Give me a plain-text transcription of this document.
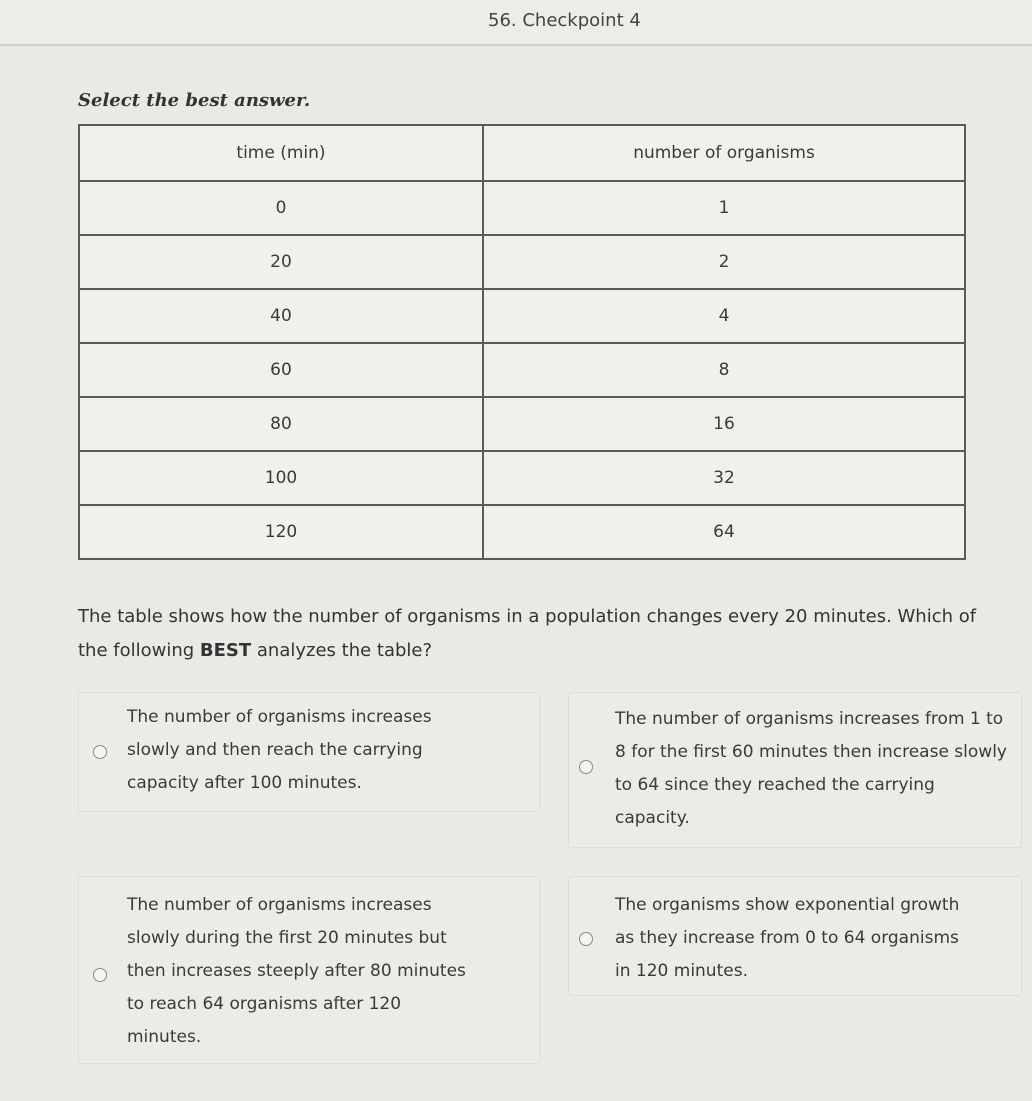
56. Checkpoint 4
Select the best answer.
time (min)	number of organisms
0	1
20	2
40	4
60	8
80	16
100	32
120	64
The table shows how the number of organisms in a population changes every 20 minutes. Which of the following BEST analyzes the table?
The number of organisms increases slowly and then reach the carrying capacity after 100 minutes.
The number of organisms increases from 1 to 8 for the first 60 minutes then increase slowly to 64 since they reached the carrying capacity.
The number of organisms increases slowly during the first 20 minutes but then increases steeply after 80 minutes to reach 64 organisms after 120 minutes.
The organisms show exponential growth as they increase from 0 to 64 organisms in 120 minutes.
